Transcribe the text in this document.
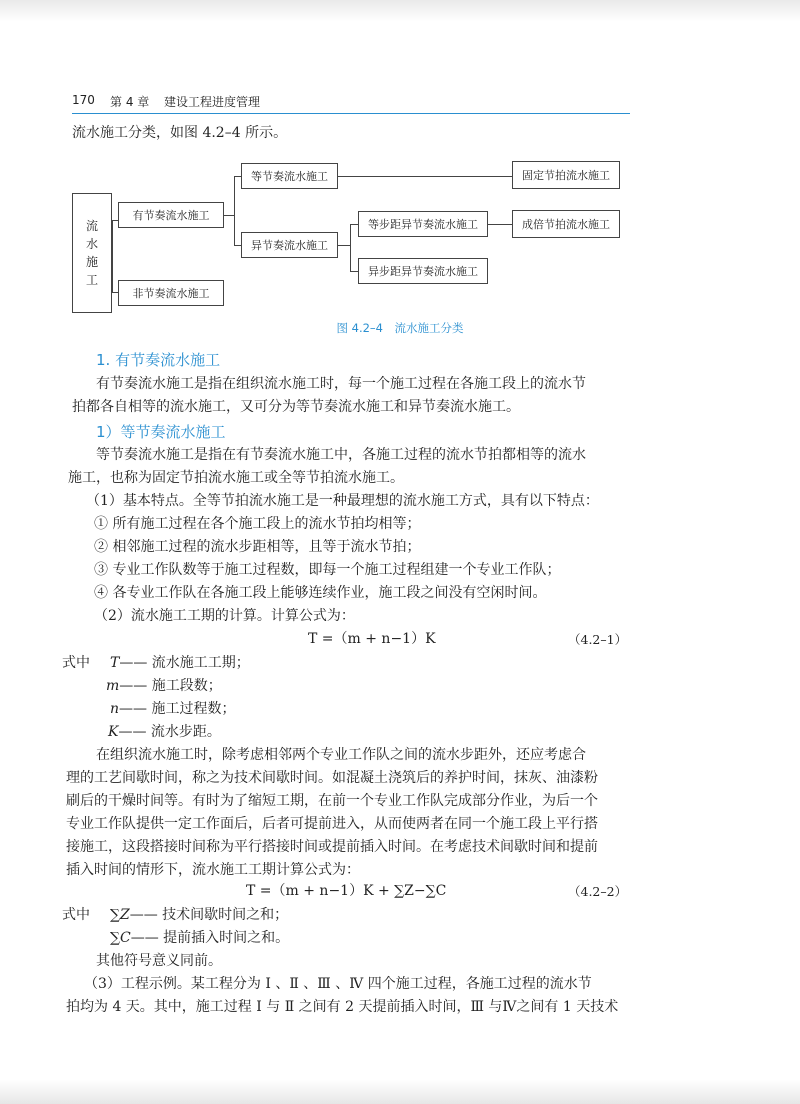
170 第 4 章 建设工程进度管理

流水施工分类，如图 4.2–4 所示。

流
水
施
工
有节奏流水施工
非节奏流水施工
等节奏流水施工
异节奏流水施工
等步距异节奏流水施工
异步距异节奏流水施工
固定节拍流水施工
成倍节拍流水施工
图 4.2–4　流水施工分类
1. 有节奏流水施工

有节奏流水施工是指在组织流水施工时，每一个施工过程在各施工段上的流水节
拍都各自相等的流水施工，又可分为等节奏流水施工和异节奏流水施工。

1）等节奏流水施工
等节奏流水施工是指在有节奏流水施工中，各施工过程的流水节拍都相等的流水
施工，也称为固定节拍流水施工或全等节拍流水施工。
（1）基本特点。全等节拍流水施工是一种最理想的流水施工方式，具有以下特点：
① 所有施工过程在各个施工段上的流水节拍均相等；
② 相邻施工过程的流水步距相等，且等于流水节拍；
③ 专业工作队数等于施工过程数，即每一个施工过程组建一个专业工作队；
④ 各专业工作队在各施工段上能够连续作业，施工段之间没有空闲时间。
（2）流水施工工期的计算。计算公式为：
T =（m + n−1）K	（4.2–1）
式中 T—— 流水施工工期；
m—— 施工段数；
n—— 施工过程数；
K—— 流水步距。
在组织流水施工时，除考虑相邻两个专业工作队之间的流水步距外，还应考虑合
理的工艺间歇时间，称之为技术间歇时间。如混凝土浇筑后的养护时间，抹灰、油漆粉
刷后的干燥时间等。有时为了缩短工期，在前一个专业工作队完成部分作业，为后一个
专业工作队提供一定工作面后，后者可提前进入，从而使两者在同一个施工段上平行搭
接施工，这段搭接时间称为平行搭接时间或提前插入时间。在考虑技术间歇时间和提前
插入时间的情形下，流水施工工期计算公式为：
T =（m + n−1）K + ∑Z−∑C	（4.2–2）
式中 ∑Z—— 技术间歇时间之和；
∑C—— 提前插入时间之和。
其他符号意义同前。
（3）工程示例。某工程分为 Ⅰ 、Ⅱ 、Ⅲ 、Ⅳ 四个施工过程，各施工过程的流水节
拍均为 4 天。其中，施工过程 Ⅰ 与 Ⅱ 之间有 2 天提前插入时间，Ⅲ 与Ⅳ之间有 1 天技术
